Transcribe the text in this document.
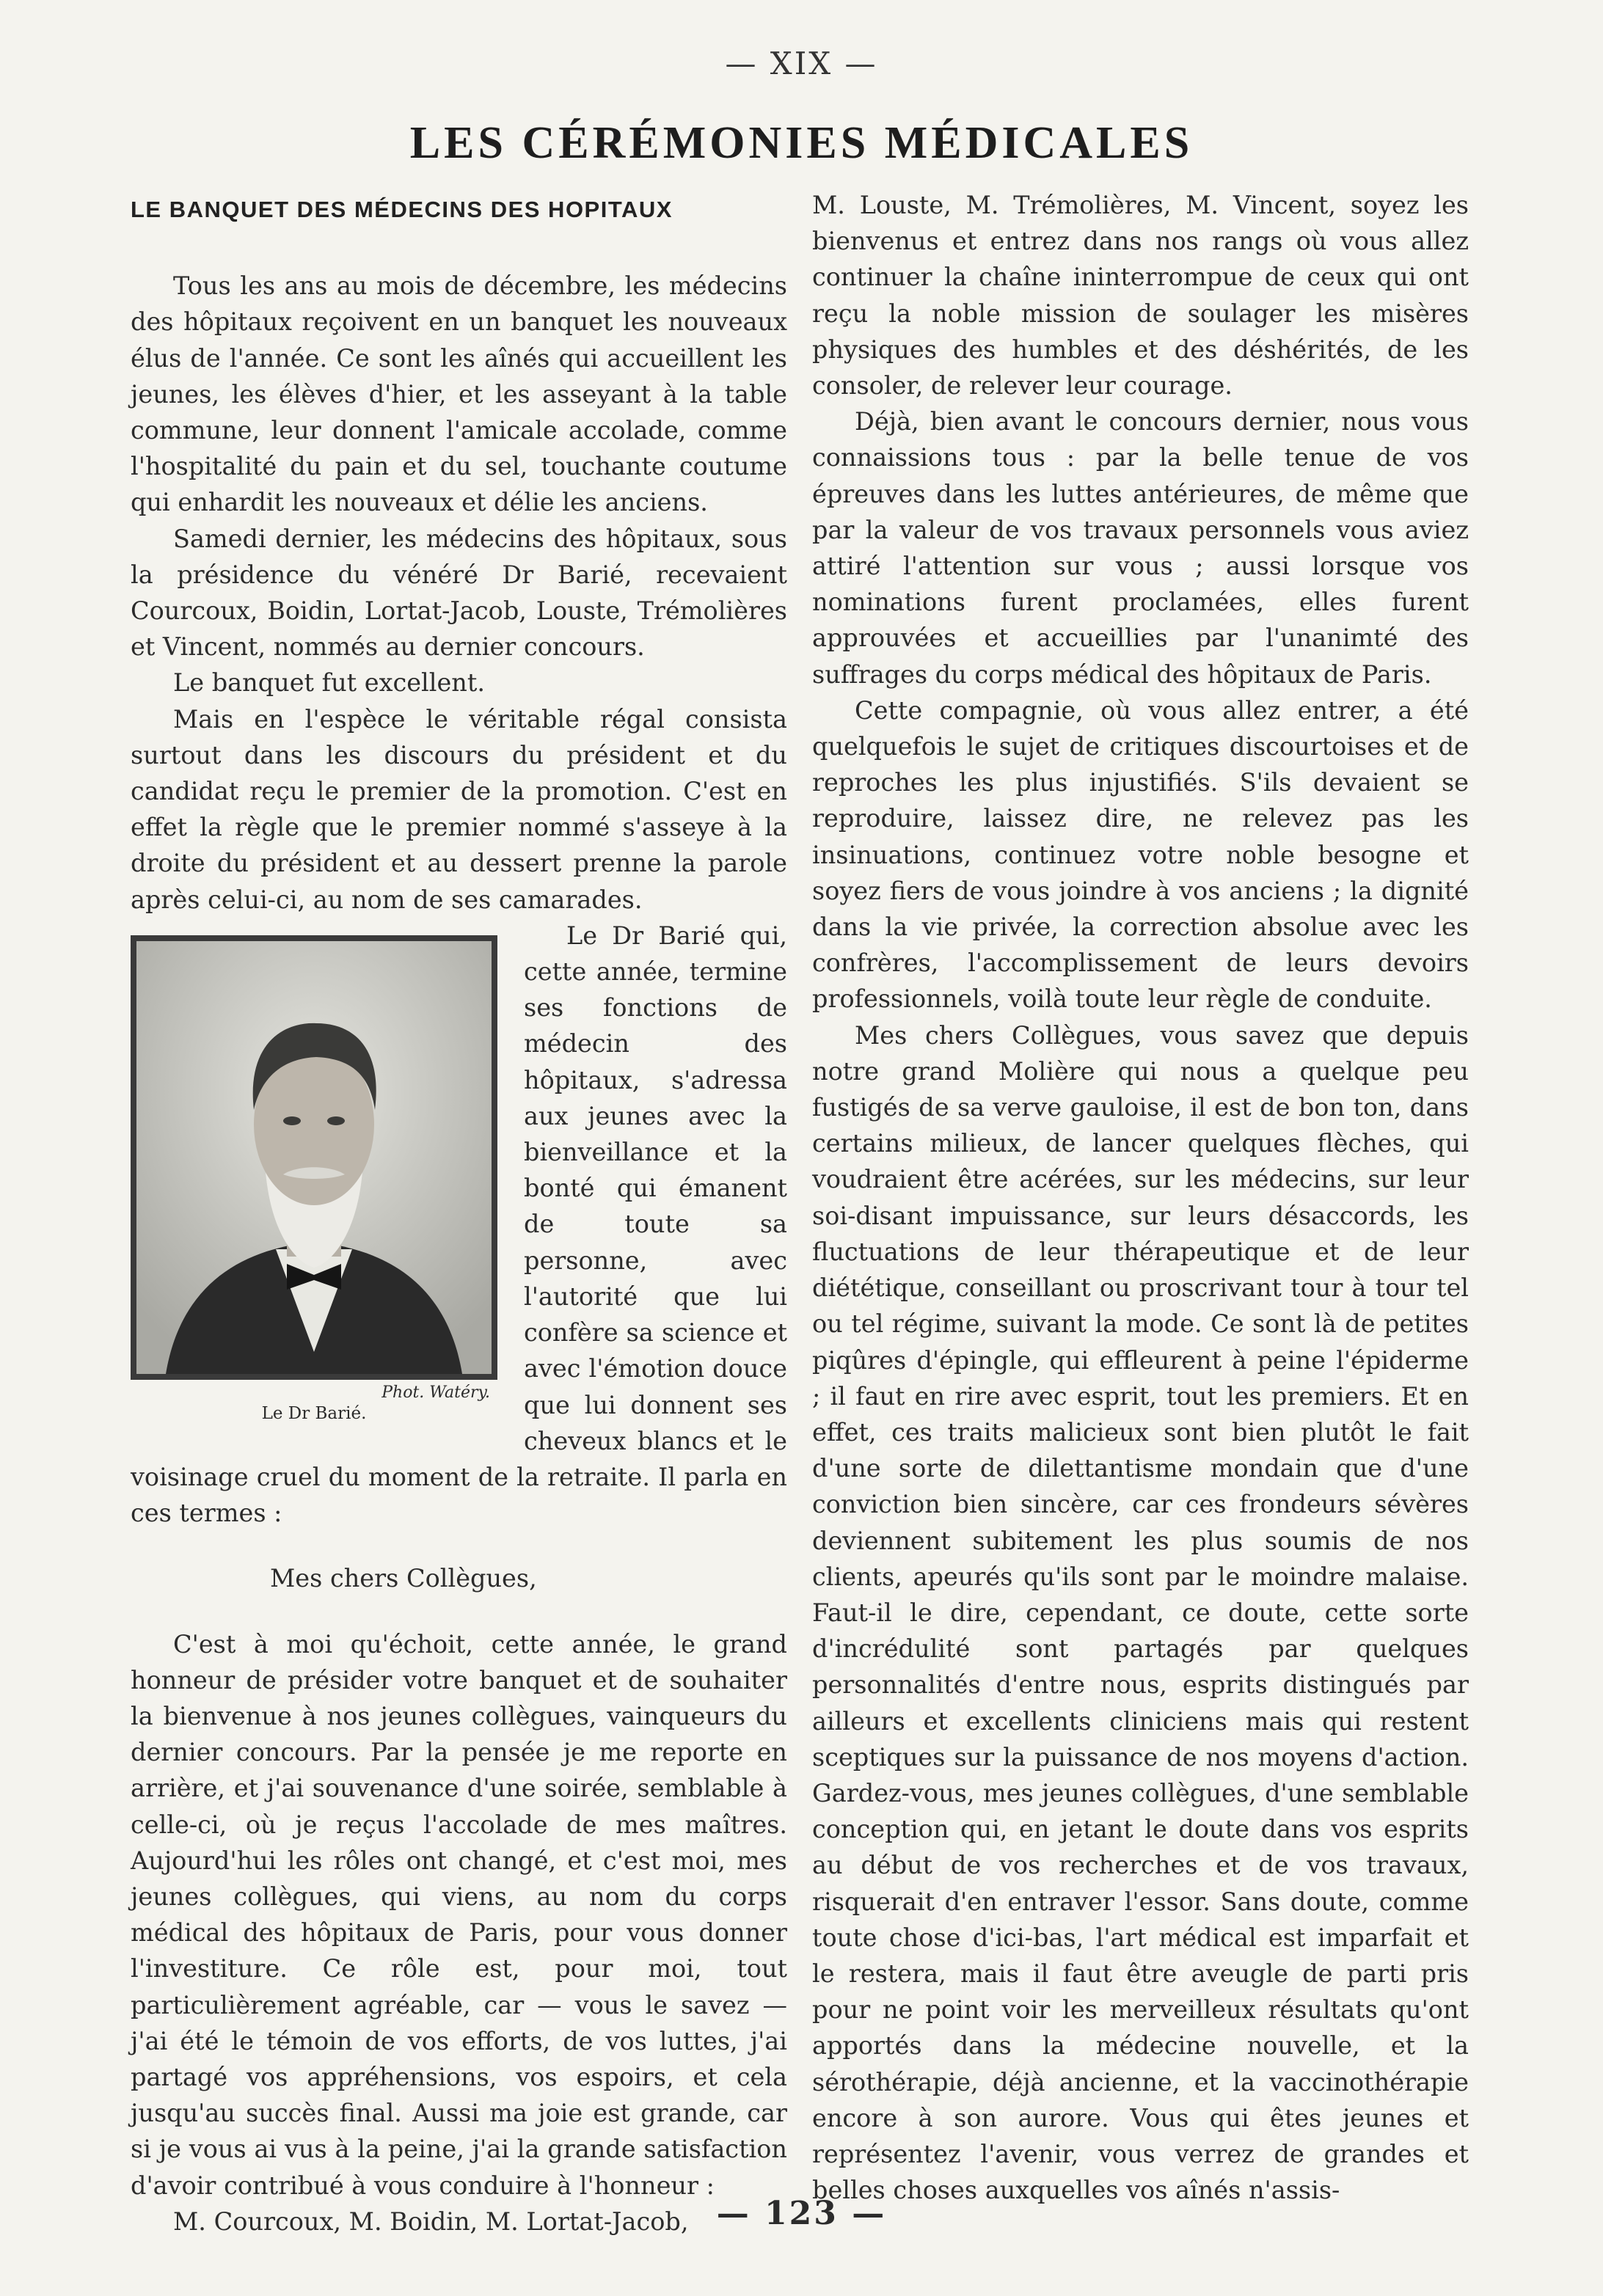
— XIX —
LES CÉRÉMONIES MÉDICALES
LE BANQUET DES MÉDECINS DES HOPITAUX

Tous les ans au mois de décembre, les médecins des hôpitaux reçoivent en un banquet les nouveaux élus de l'année. Ce sont les aînés qui accueillent les jeunes, les élèves d'hier, et les asseyant à la table commune, leur donnent l'amicale accolade, comme l'hospitalité du pain et du sel, touchante coutume qui enhardit les nouveaux et délie les anciens.

Samedi dernier, les médecins des hôpitaux, sous la présidence du vénéré Dr Barié, recevaient Courcoux, Boidin, Lortat-Jacob, Louste, Trémolières et Vincent, nommés au dernier concours.

Le banquet fut excellent.

Mais en l'espèce le véritable régal consista surtout dans les discours du président et du candidat reçu le premier de la promotion. C'est en effet la règle que le premier nommé s'asseye à la droite du président et au dessert prenne la parole après celui-ci, au nom de ses camarades.

Phot. Watéry.
Le Dr Barié.

Le Dr Barié qui, cette année, termine ses fonctions de médecin des hôpitaux, s'adressa aux jeunes avec la bienveillance et la bonté qui émanent de toute sa personne, avec l'autorité que lui confère sa science et avec l'émotion douce que lui donnent ses cheveux blancs et le voisinage cruel du moment de la retraite. Il parla en ces termes :

Mes chers Collègues,

C'est à moi qu'échoit, cette année, le grand honneur de présider votre banquet et de souhaiter la bienvenue à nos jeunes collègues, vainqueurs du dernier concours. Par la pensée je me reporte en arrière, et j'ai souvenance d'une soirée, semblable à celle-ci, où je reçus l'accolade de mes maîtres. Aujourd'hui les rôles ont changé, et c'est moi, mes jeunes collègues, qui viens, au nom du corps médical des hôpitaux de Paris, pour vous donner l'investiture. Ce rôle est, pour moi, tout particulièrement agréable, car — vous le savez — j'ai été le témoin de vos efforts, de vos luttes, j'ai partagé vos appréhensions, vos espoirs, et cela jusqu'au succès final. Aussi ma joie est grande, car si je vous ai vus à la peine, j'ai la grande satisfaction d'avoir contribué à vous conduire à l'honneur :

M. Courcoux, M. Boidin, M. Lortat-Jacob,

M. Louste, M. Trémolières, M. Vincent, soyez les bienvenus et entrez dans nos rangs où vous allez continuer la chaîne ininterrompue de ceux qui ont reçu la noble mission de soulager les misères physiques des humbles et des déshérités, de les consoler, de relever leur courage.

Déjà, bien avant le concours dernier, nous vous connaissions tous : par la belle tenue de vos épreuves dans les luttes antérieures, de même que par la valeur de vos travaux personnels vous aviez attiré l'attention sur vous ; aussi lorsque vos nominations furent proclamées, elles furent approuvées et accueillies par l'unanimté des suffrages du corps médical des hôpitaux de Paris.

Cette compagnie, où vous allez entrer, a été quelquefois le sujet de critiques discourtoises et de reproches les plus injustifiés. S'ils devaient se reproduire, laissez dire, ne relevez pas les insinuations, continuez votre noble besogne et soyez fiers de vous joindre à vos anciens ; la dignité dans la vie privée, la correction absolue avec les confrères, l'accomplissement de leurs devoirs professionnels, voilà toute leur règle de conduite.

Mes chers Collègues, vous savez que depuis notre grand Molière qui nous a quelque peu fustigés de sa verve gauloise, il est de bon ton, dans certains milieux, de lancer quelques flèches, qui voudraient être acérées, sur les médecins, sur leur soi-disant impuissance, sur leurs désaccords, les fluctuations de leur thérapeutique et de leur diététique, conseillant ou proscrivant tour à tour tel ou tel régime, suivant la mode. Ce sont là de petites piqûres d'épingle, qui effleurent à peine l'épiderme ; il faut en rire avec esprit, tout les premiers. Et en effet, ces traits malicieux sont bien plutôt le fait d'une sorte de dilettantisme mondain que d'une conviction bien sincère, car ces frondeurs sévères deviennent subitement les plus soumis de nos clients, apeurés qu'ils sont par le moindre malaise. Faut-il le dire, cependant, ce doute, cette sorte d'incrédulité sont partagés par quelques personnalités d'entre nous, esprits distingués par ailleurs et excellents cliniciens mais qui restent sceptiques sur la puissance de nos moyens d'action. Gardez-vous, mes jeunes collègues, d'une semblable conception qui, en jetant le doute dans vos esprits au début de vos recherches et de vos travaux, risquerait d'en entraver l'essor. Sans doute, comme toute chose d'ici-bas, l'art médical est imparfait et le restera, mais il faut être aveugle de parti pris pour ne point voir les merveilleux résultats qu'ont apportés dans la médecine nouvelle, et la sérothérapie, déjà ancienne, et la vaccinothérapie encore à son aurore. Vous qui êtes jeunes et représentez l'avenir, vous verrez de grandes et belles choses auxquelles vos aînés n'assis-

— 123 —
